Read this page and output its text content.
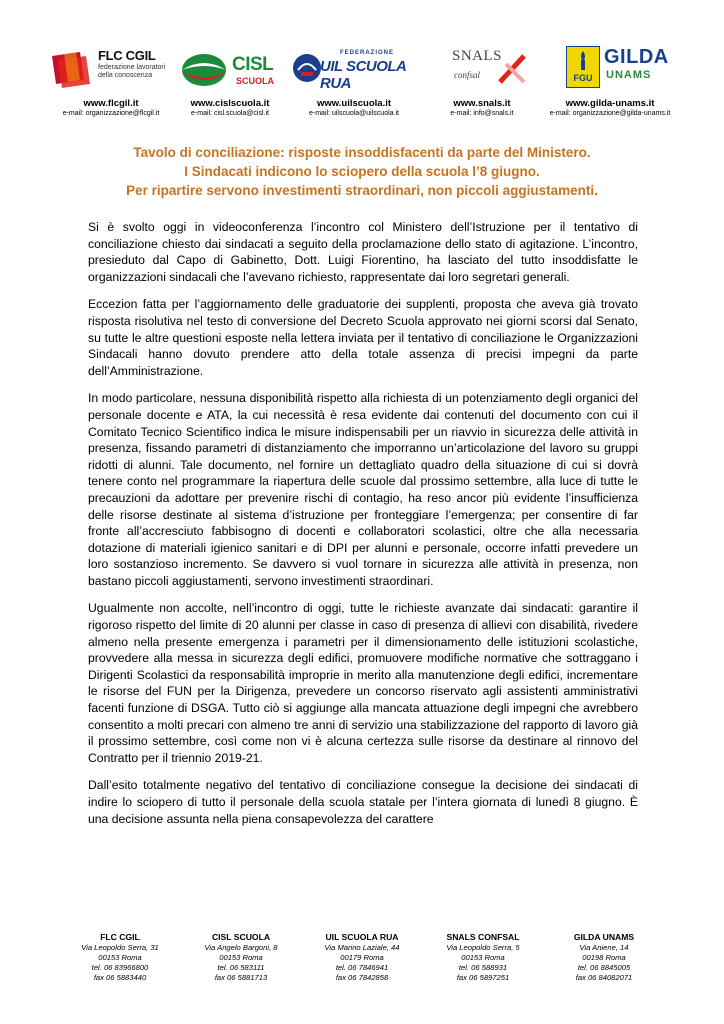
FLC CGIL
federazione lavoratori della conoscenza
CISL
SCUOLA
FEDERAZIONE
UIL SCUOLA RUA
SNALS
confsal	FGU
GILDA
UNAMS
www.flcgil.it
e-mail: organizzazione@flcgil.it
www.cislscuola.it
e-mail: cisl.scuola@cisl.it
www.uilscuola.it
e-mail: uilscuola@uilscuola.it
www.snals.it
e-mail: info@snals.it
www.gilda-unams.it
e-mail: organizzazione@gilda-unams.it
Tavolo di conciliazione: risposte insoddisfacenti da parte del Ministero.
I Sindacati indicono lo sciopero della scuola l’8 giugno.
Per ripartire servono investimenti straordinari, non piccoli aggiustamenti.

Si è svolto oggi in videoconferenza l’incontro col Ministero dell’Istruzione per il tentativo di conciliazione chiesto dai sindacati a seguito della proclamazione dello stato di agitazione. L’incontro, presieduto dal Capo di Gabinetto, Dott. Luigi Fiorentino, ha lasciato del tutto insoddisfatte le organizzazioni sindacali che l’avevano richiesto, rappresentate dai loro segretari generali.

Eccezion fatta per l’aggiornamento delle graduatorie dei supplenti, proposta che aveva già trovato risposta risolutiva nel testo di conversione del Decreto Scuola approvato nei giorni scorsi dal Senato, su tutte le altre questioni esposte nella lettera inviata per il tentativo di conciliazione le Organizzazioni Sindacali hanno dovuto prendere atto della totale assenza di precisi impegni da parte dell’Amministrazione.

In modo particolare, nessuna disponibilità rispetto alla richiesta di un potenziamento degli organici del personale docente e ATA, la cui necessità è resa evidente dai contenuti del documento con cui il Comitato Tecnico Scientifico indica le misure indispensabili per un riavvio in sicurezza delle attività in presenza, fissando parametri di distanziamento che imporranno un’articolazione del lavoro su gruppi ridotti di alunni. Tale documento, nel fornire un dettagliato quadro della situazione di cui si dovrà tenere conto nel programmare la riapertura delle scuole dal prossimo settembre, alla luce di tutte le precauzioni da adottare per prevenire rischi di contagio, ha reso ancor più evidente l’insufficienza delle risorse destinate al sistema d’istruzione per fronteggiare l’emergenza; per consentire di far fronte all’accresciuto fabbisogno di docenti e collaboratori scolastici, oltre che alla necessaria dotazione di materiali igienico sanitari e di DPI per alunni e personale, occorre infatti prevedere un loro sostanzioso incremento. Se davvero si vuol tornare in sicurezza alle attività in presenza, non bastano piccoli aggiustamenti, servono investimenti straordinari.

Ugualmente non accolte, nell’incontro di oggi, tutte le richieste avanzate dai sindacati: garantire il rigoroso rispetto del limite di 20 alunni per classe in caso di presenza di allievi con disabilità, rivedere almeno nella presente emergenza i parametri per il dimensionamento delle istituzioni scolastiche, provvedere alla messa in sicurezza degli edifici, promuovere modifiche normative che sottraggano i Dirigenti Scolastici da responsabilità improprie in merito alla manutenzione degli edifici, incrementare le risorse del FUN per la Dirigenza, prevedere un concorso riservato agli assistenti amministrativi facenti funzione di DSGA. Tutto ciò si aggiunge alla mancata attuazione degli impegni che avrebbero consentito a molti precari con almeno tre anni di servizio una stabilizzazione del rapporto di lavoro già il prossimo settembre, così come non vi è alcuna certezza sulle risorse da destinare al rinnovo del Contratto per il triennio 2019-21.

Dall’esito totalmente negativo del tentativo di conciliazione consegue la decisione dei sindacati di indire lo sciopero di tutto il personale della scuola statale per l’intera giornata di lunedì 8 giugno. È una decisione assunta nella piena consapevolezza del carattere

FLC CGIL
Via Leopoldo Serra, 31
00153 Roma
tel. 06 83966800
fax 06 5883440
CISL SCUOLA
Via Angelo Bargoni, 8
00153 Roma
tel. 06 583111
fax 06 5881713
UIL SCUOLA RUA
Via Marino Laziale, 44
00179 Roma
tel. 06 7846941
fax 06 7842858
SNALS CONFSAL
Via Leopoldo Serra, 5
00153 Roma
tel. 06 588931
fax 06 5897251
GILDA UNAMS
Via Aniene, 14
00198 Roma
tel. 06 8845005
fax 06 84082071
